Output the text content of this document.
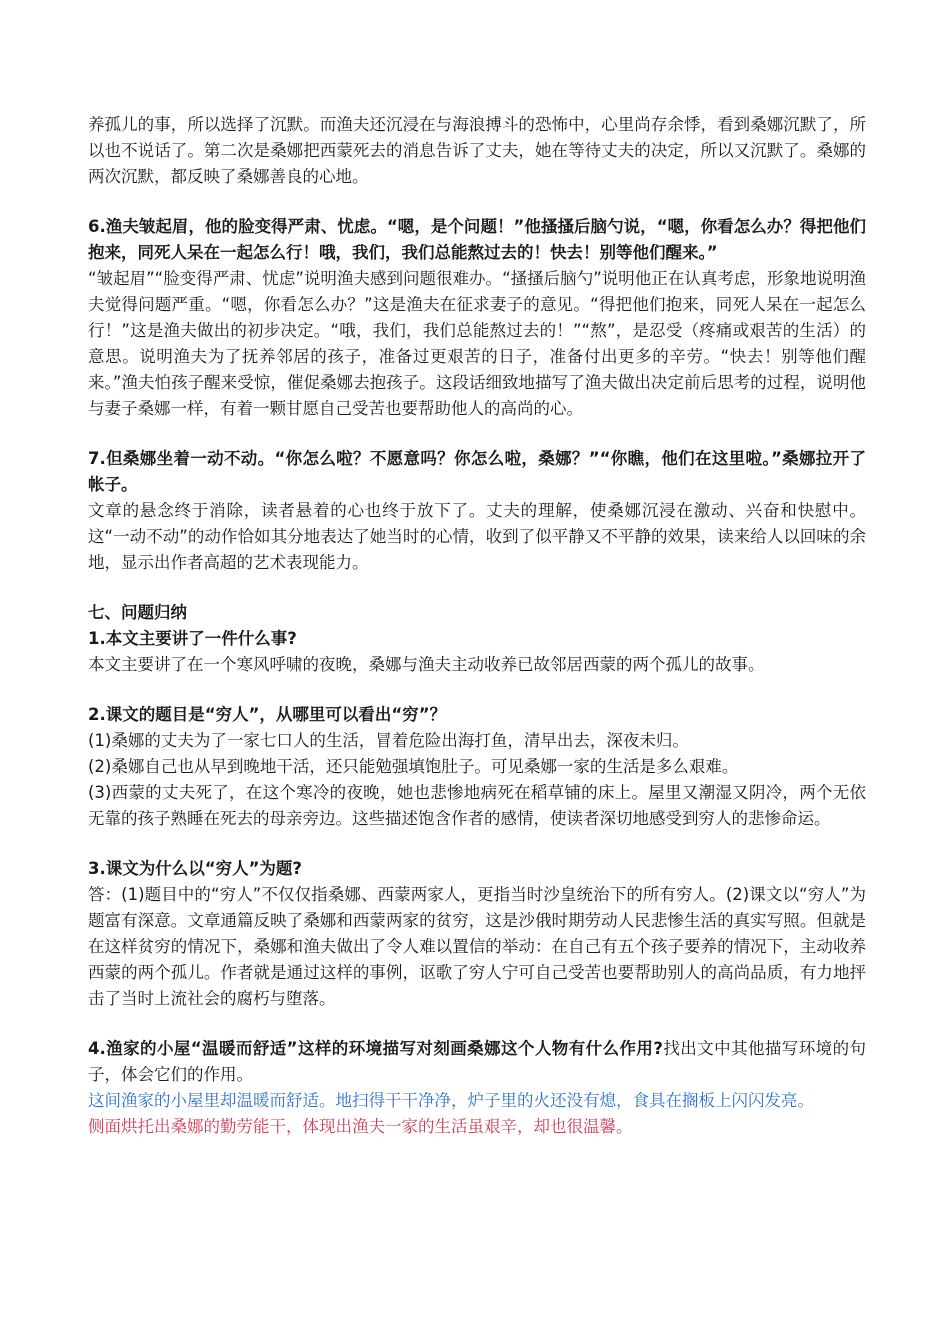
养孤儿的事，所以选择了沉默。而渔夫还沉浸在与海浪搏斗的恐怖中，心里尚存余悸，看到桑娜沉默了，所以也不说话了。第二次是桑娜把西蒙死去的消息告诉了丈夫，她在等待丈夫的决定，所以又沉默了。桑娜的两次沉默，都反映了桑娜善良的心地。

6.渔夫皱起眉，他的脸变得严肃、忧虑。“嗯，是个问题！”他搔搔后脑勺说，“嗯，你看怎么办？得把他们抱来，同死人呆在一起怎么行！哦，我们，我们总能熬过去的！快去！别等他们醒来。”

“皱起眉”“脸变得严肃、忧虑”说明渔夫感到问题很难办。“搔搔后脑勺”说明他正在认真考虑，形象地说明渔夫觉得问题严重。“嗯，你看怎么办？”这是渔夫在征求妻子的意见。“得把他们抱来，同死人呆在一起怎么行！”这是渔夫做出的初步决定。“哦，我们，我们总能熬过去的！”“熬”，是忍受（疼痛或艰苦的生活）的意思。说明渔夫为了抚养邻居的孩子，准备过更艰苦的日子，准备付出更多的辛劳。“快去！别等他们醒来。”渔夫怕孩子醒来受惊，催促桑娜去抱孩子。这段话细致地描写了渔夫做出决定前后思考的过程，说明他与妻子桑娜一样，有着一颗甘愿自己受苦也要帮助他人的高尚的心。

7.但桑娜坐着一动不动。“你怎么啦？不愿意吗？你怎么啦，桑娜？”“你瞧，他们在这里啦。”桑娜拉开了帐子。

文章的悬念终于消除，读者悬着的心也终于放下了。丈夫的理解，使桑娜沉浸在激动、兴奋和快慰中。这“一动不动”的动作恰如其分地表达了她当时的心情，收到了似平静又不平静的效果，读来给人以回味的余地，显示出作者高超的艺术表现能力。

七、问题归纳

1.本文主要讲了一件什么事?

本文主要讲了在一个寒风呼啸的夜晚，桑娜与渔夫主动收养已故邻居西蒙的两个孤儿的故事。

2.课文的题目是“穷人”，从哪里可以看出“穷”？

(1)桑娜的丈夫为了一家七口人的生活，冒着危险出海打鱼，清早出去，深夜未归。

(2)桑娜自己也从早到晚地干活，还只能勉强填饱肚子。可见桑娜一家的生活是多么艰难。

(3)西蒙的丈夫死了，在这个寒冷的夜晚，她也悲惨地病死在稻草铺的床上。屋里又潮湿又阴冷，两个无依无靠的孩子熟睡在死去的母亲旁边。这些描述饱含作者的感情，使读者深切地感受到穷人的悲惨命运。

3.课文为什么以“穷人”为题?

答：(1)题目中的“穷人”不仅仅指桑娜、西蒙两家人，更指当时沙皇统治下的所有穷人。(2)课文以“穷人”为题富有深意。文章通篇反映了桑娜和西蒙两家的贫穷，这是沙俄时期劳动人民悲惨生活的真实写照。但就是在这样贫穷的情况下，桑娜和渔夫做出了令人难以置信的举动：在自己有五个孩子要养的情况下，主动收养西蒙的两个孤儿。作者就是通过这样的事例，讴歌了穷人宁可自己受苦也要帮助别人的高尚品质，有力地抨击了当时上流社会的腐朽与堕落。

4.渔家的小屋“温暖而舒适”这样的环境描写对刻画桑娜这个人物有什么作用?找出文中其他描写环境的句子，体会它们的作用。

这间渔家的小屋里却温暖而舒适。地扫得干干净净，炉子里的火还没有熄，食具在搁板上闪闪发亮。

侧面烘托出桑娜的勤劳能干，体现出渔夫一家的生活虽艰辛，却也很温馨。
